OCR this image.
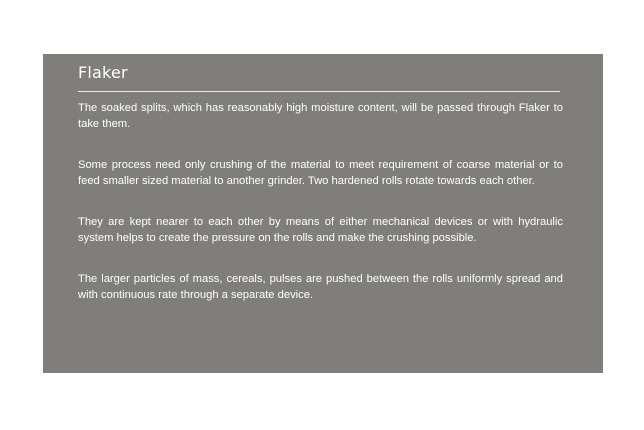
Flaker

The soaked splits, which has reasonably high moisture content, will be passed through Flaker to take them.

Some process need only crushing of the material to meet requirement of coarse material or to feed smaller sized material to another grinder. Two hardened rolls rotate towards each other.

They are kept nearer to each other by means of either mechanical devices or with hydraulic system helps to create the pressure on the rolls and make the crushing possible.

The larger particles of mass, cereals, pulses are pushed between the rolls uniformly spread and with continuous rate through a separate device.
